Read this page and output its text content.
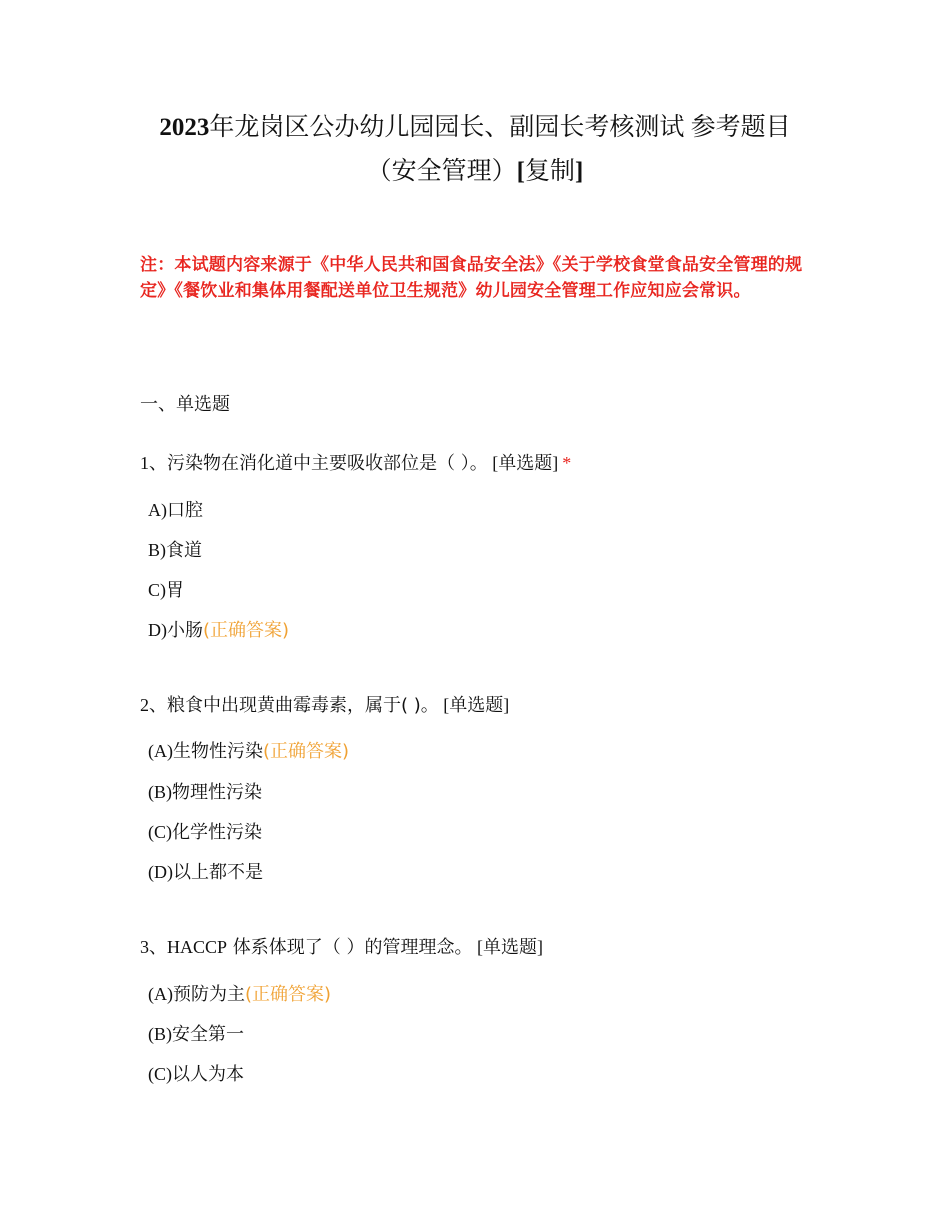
2023年龙岗区公办幼儿园园长、副园长考核测试 参考题目
（安全管理）[复制]
注：本试题内容来源于《中华人民共和国食品安全法》《关于学校食堂食品安全管理的规定》《餐饮业和集体用餐配送单位卫生规范》幼儿园安全管理工作应知应会常识。
一、单选题
1、污染物在消化道中主要吸收部位是（ ）。 [单选题] *
A)口腔
B)食道
C)胃
D)小肠(正确答案)
2、粮食中出现黄曲霉毒素，属于( )。 [单选题]
(A)生物性污染(正确答案)
(B)物理性污染
(C)化学性污染
(D)以上都不是
3、HACCP 体系体现了（ ）的管理理念。 [单选题]
(A)预防为主(正确答案)
(B)安全第一
(C)以人为本
